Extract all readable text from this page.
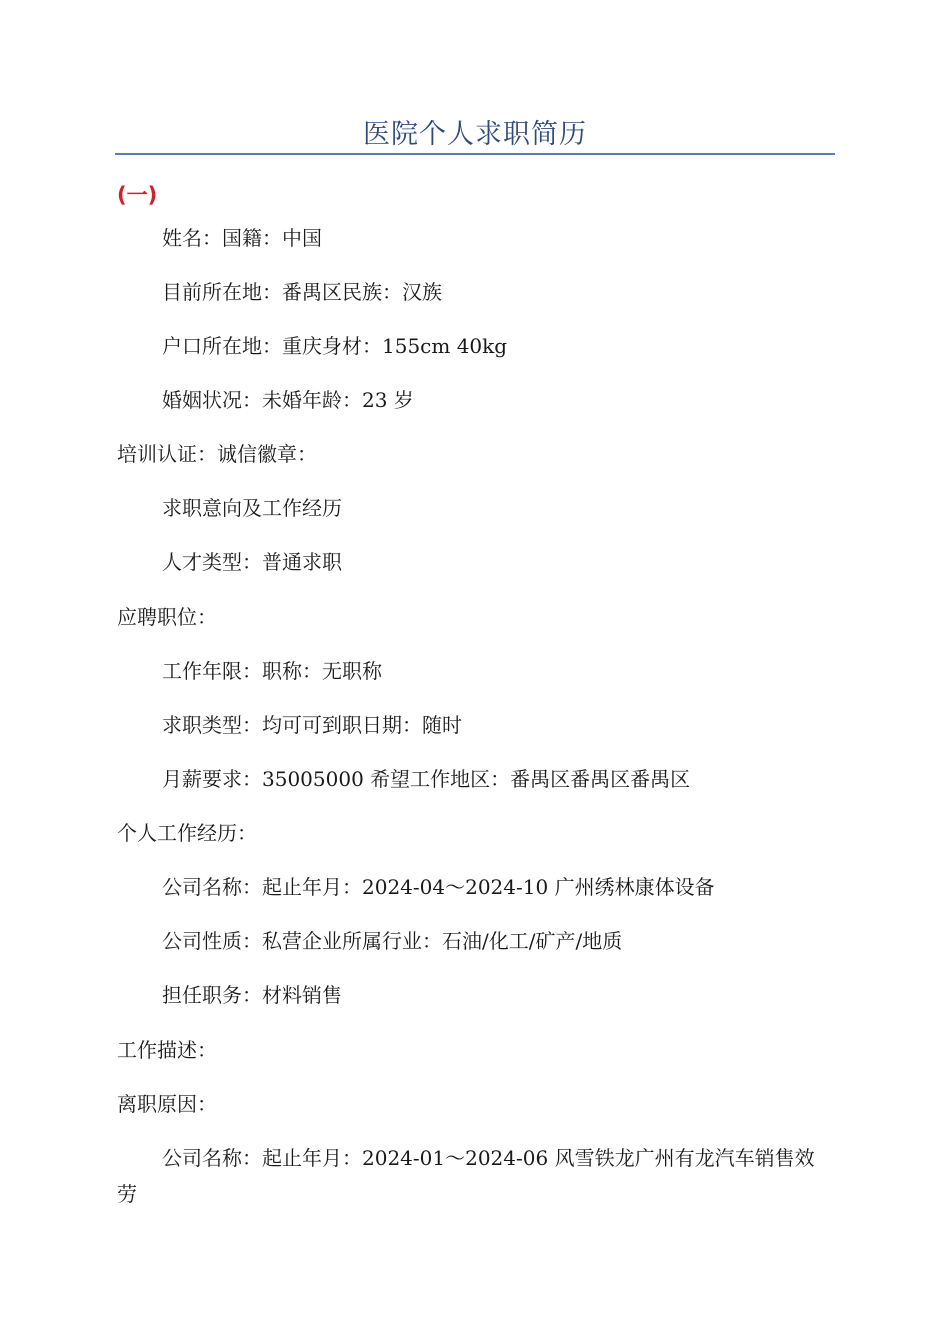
医院个人求职简历
(一)
姓名：国籍：中国
目前所在地：番禺区民族：汉族
户口所在地：重庆身材：155cm 40kg
婚姻状况：未婚年龄：23 岁
培训认证：诚信徽章：
求职意向及工作经历
人才类型：普通求职
应聘职位：
工作年限：职称：无职称
求职类型：均可可到职日期：随时
月薪要求：35005000 希望工作地区：番禺区番禺区番禺区
个人工作经历：
公司名称：起止年月：2024-04～2024-10 广州绣林康体设备
公司性质：私营企业所属行业：石油/化工/矿产/地质
担任职务：材料销售
工作描述：
离职原因：
公司名称：起止年月：2024-01～2024-06 风雪铁龙广州有龙汽车销售效劳
